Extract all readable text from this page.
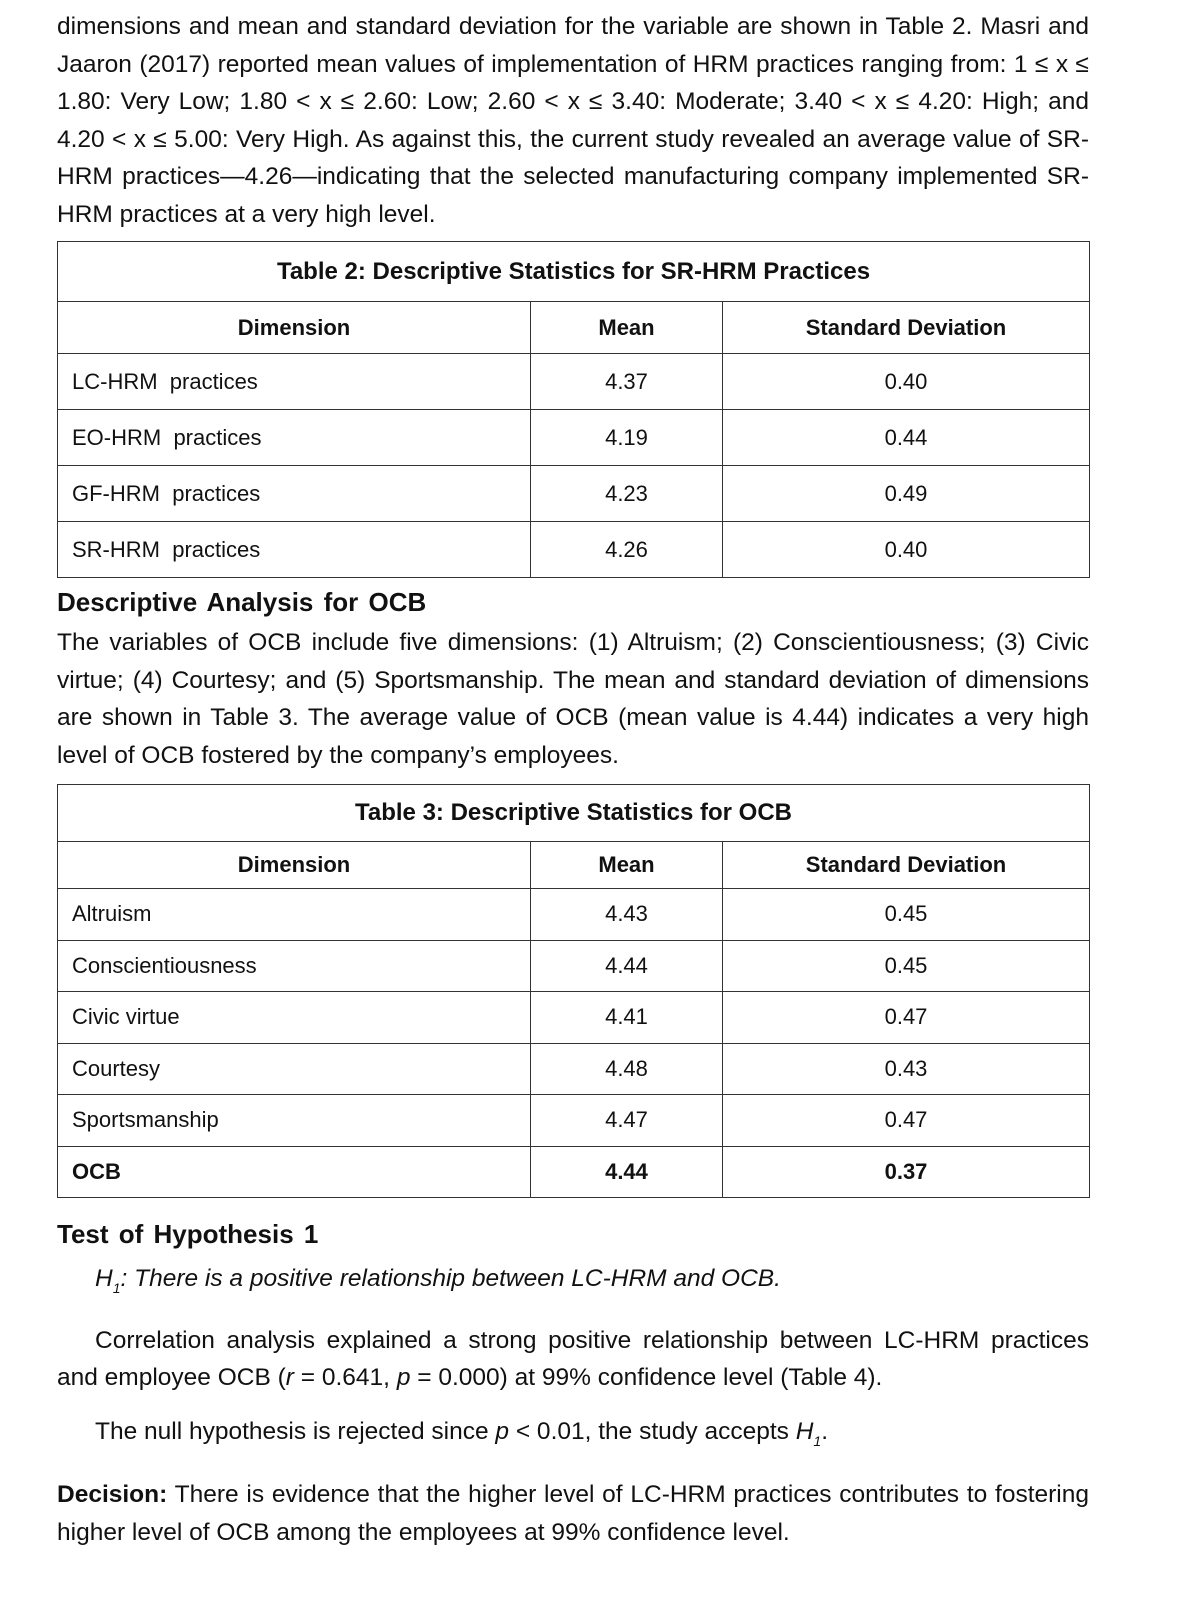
dimensions and mean and standard deviation for the variable are shown in Table 2. Masri and Jaaron (2017) reported mean values of implementation of HRM practices ranging from: 1 ≤ x ≤ 1.80: Very Low; 1.80 < x ≤ 2.60: Low; 2.60 < x ≤ 3.40: Moderate; 3.40 < x ≤ 4.20: High; and 4.20 < x ≤ 5.00: Very High. As against this, the current study revealed an average value of SR-HRM practices—4.26—indicating that the selected manufacturing company implemented SR-HRM practices at a very high level.

Table 2: Descriptive Statistics for SR-HRM Practices		
Dimension	Mean	Standard Deviation
LC-HRM  practices	4.37	0.40
EO-HRM  practices	4.19	0.44
GF-HRM  practices	4.23	0.49
SR-HRM  practices	4.26	0.40
Descriptive Analysis for OCB

The variables of OCB include five dimensions: (1) Altruism; (2) Conscientiousness; (3) Civic virtue; (4) Courtesy; and (5) Sportsmanship. The mean and standard deviation of dimensions are shown in Table 3. The average value of OCB (mean value is 4.44) indicates a very high level of OCB fostered by the company’s employees.

Table 3: Descriptive Statistics for OCB		
Dimension	Mean	Standard Deviation
Altruism	4.43	0.45
Conscientiousness	4.44	0.45
Civic virtue	4.41	0.47
Courtesy	4.48	0.43
Sportsmanship	4.47	0.47
OCB	4.44	0.37
Test of Hypothesis 1

$H_1$: There is a positive relationship between LC-HRM and OCB.

Correlation analysis explained a strong positive relationship between LC-HRM practices and employee OCB (r = 0.641, p = 0.000) at 99% confidence level (Table 4).

The null hypothesis is rejected since p < 0.01, the study accepts $H_1$.

Decision: There is evidence that the higher level of LC-HRM practices contributes to fostering higher level of OCB among the employees at 99% confidence level.
